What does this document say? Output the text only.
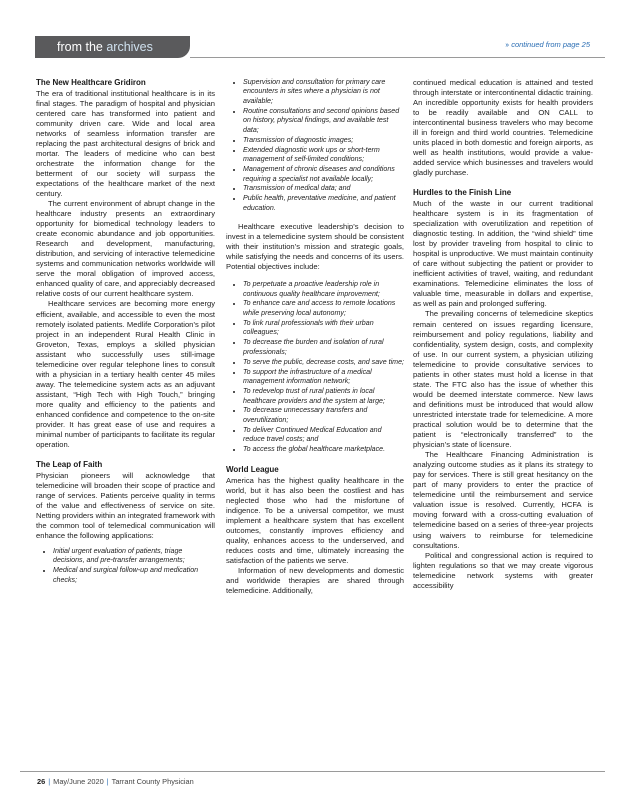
from the archives	›› continued from page 25
The New Healthcare Gridiron

The era of traditional institutional healthcare is in its final stages. The paradigm of hospital and physician centered care has transformed into patient and community driven care. Wide and local area networks of seamless information transfer are replacing the past architectural designs of brick and mortar. The leaders of medicine who can best orchestrate the information change for the betterment of our society will surpass the expectations of the healthcare market of the next century.

The current environment of abrupt change in the healthcare industry presents an extraordinary opportunity for biomedical technology leaders to create economic abundance and job opportunities. Research and development, manufacturing, distribution, and servicing of interactive telemedicine systems and communication networks worldwide will serve the moral obligation of improved access, enhanced quality of care, and appreciably decreased relative costs of our current healthcare system.

Healthcare services are becoming more energy efficient, available, and accessible to even the most remotely isolated patients. Medlife Corporation’s pilot project in an independent Rural Health Clinic in Groveton, Texas, employs a skilled physician assistant who successfully uses still-image telemedicine over regular telephone lines to consult with a physician in a tertiary health center 45 miles away. The telemedicine system acts as an adjuvant assistant, “High Tech with High Touch,” bringing more quality and efficiency to the patients and enhanced confidence and competence to the on-site provider. It has great ease of use and requires a minimal number of participants to facilitate its regular operation.

The Leap of Faith

Physician pioneers will acknowledge that telemedicine will broaden their scope of practice and range of services. Patients perceive quality in terms of the value and effectiveness of service on site. Netting providers within an integrated framework with the common tool of telemedical communication will enhance the following applications:

• Initial urgent evaluation of patients, triage decisions, and pre-transfer arrangements;
• Medical and surgical follow-up and medication checks;
• Supervision and consultation for primary care encounters in sites where a physician is not available;
• Routine consultations and second opinions based on history, physical findings, and available test data;
• Transmission of diagnostic images;
• Extended diagnostic work ups or short-term management of self-limited conditions;
• Management of chronic diseases and conditions requiring a specialist not available locally;
• Transmission of medical data; and
• Public health, preventative medicine, and patient education.

Healthcare executive leadership’s decision to invest in a telemedicine system should be consistent with their institution’s mission and strategic goals, while satisfying the needs and concerns of its users. Potential objectives include:

• To perpetuate a proactive leadership role in continuous quality healthcare improvement;
• To enhance care and access to remote locations while preserving local autonomy;
• To link rural professionals with their urban colleagues;
• To decrease the burden and isolation of rural professionals;
• To serve the public, decrease costs, and save time;
• To support the infrastructure of a medical management information network;
• To redevelop trust of rural patients in local healthcare providers and the system at large;
• To decrease unnecessary transfers and overutilization;
• To deliver Continued Medical Education and reduce travel costs; and
• To access the global healthcare marketplace.
World League

America has the highest quality healthcare in the world, but it has also been the costliest and has neglected those who had the misfortune of indigence. To be a universal competitor, we must implement a healthcare system that has excellent outcomes, constantly improves efficiency and quality, enhances access to the underserved, and reduces costs and time, ultimately increasing the satisfaction of the patients we serve.

Information of new developments and domestic and worldwide therapies are shared through telemedicine. Additionally,

continued medical education is attained and tested through interstate or intercontinental didactic training. An incredible opportunity exists for health providers to be readily available and ON CALL to intercontinental business travelers who may become ill in foreign and third world countries. Telemedicine units placed in both domestic and foreign airports, as well as health institutions, would provide a value-added service which businesses and travelers would gladly purchase.

Hurdles to the Finish Line

Much of the waste in our current traditional healthcare system is in its fragmentation of specialization with overutilization and repetition of diagnostic testing. In addition, the “wind shield” time lost by provider traveling from hospital to clinic to hospital is unproductive. We must maintain continuity of care without subjecting the patient or provider to inefficient activities of travel, waiting, and redundant examinations. Telemedicine eliminates the loss of valuable time, measurable in dollars and expertise, as well as pain and prolonged suffering.

The prevailing concerns of telemedicine skeptics remain centered on issues regarding licensure, reimbursement and policy regulations, liability and confidentiality, system design, costs, and complexity of use. In our current system, a physician utilizing telemedicine to provide consultative services to patients in other states must hold a license in that state. The FTC also has the issue of whether this would be deemed interstate commerce. New laws and definitions must be introduced that would allow unrestricted interstate trade for telemedicine. A more practical solution would be to determine that the patient is “electronically transferred” to the physician’s state of licensure.

The Healthcare Financing Administration is analyzing outcome studies as it plans its strategy to pay for services. There is still great hesitancy on the part of many providers to enter the practice of telemedicine until the reimbursement and service valuation issue is resolved. Currently, HCFA is moving forward with a cross-cutting evaluation of telemedicine based on a series of three-year projects using waivers to reimburse for telemedicine consultations.

Political and congressional action is required to lighten regulations so that we may create vigorous telemedicine network systems with greater accessibility

26 | May/June 2020 | Tarrant County Physician
